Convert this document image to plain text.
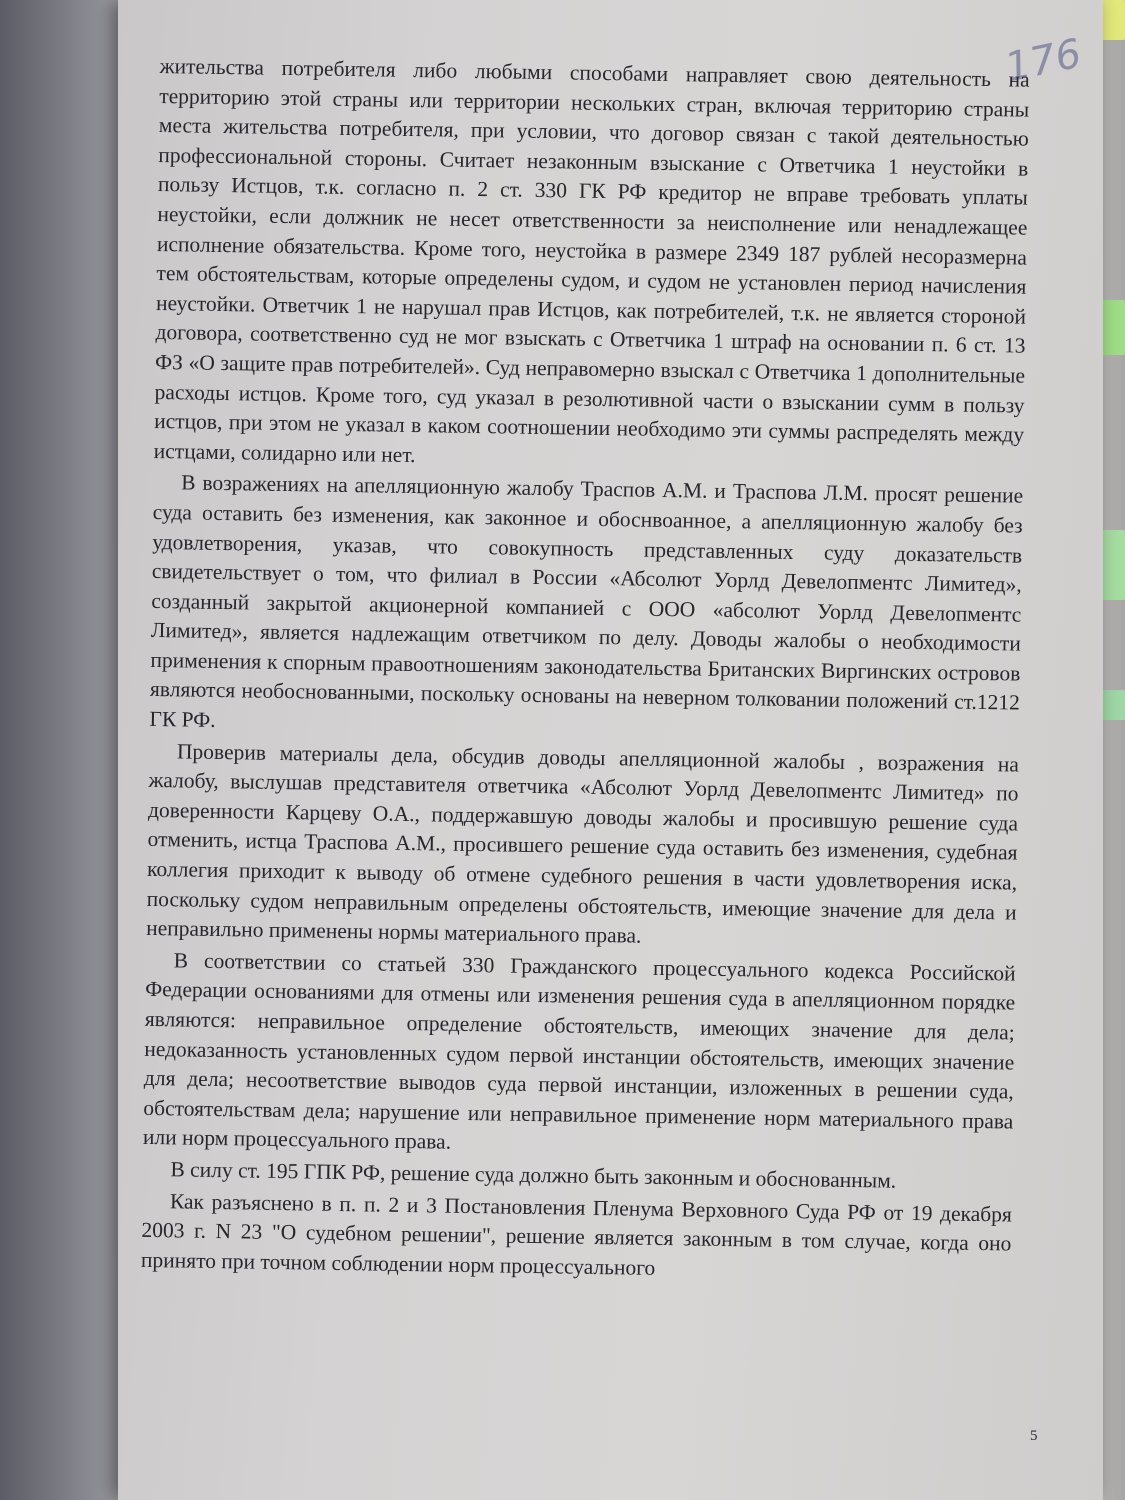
176

жительства потребителя либо любыми способами направляет свою деятельность на территорию этой страны или территории нескольких стран, включая территорию страны места жительства потребителя, при условии, что договор связан с такой деятельностью профессиональной стороны. Считает незаконным взыскание с Ответчика 1 неустойки в пользу Истцов, т.к. согласно п. 2 ст. 330 ГК РФ кредитор не вправе требовать уплаты неустойки, если должник не несет ответственности за неисполнение или ненадлежащее исполнение обязательства. Кроме того, неустойка в размере 2349 187 рублей несоразмерна тем обстоятельствам, которые определены судом, и судом не установлен период начисления неустойки. Ответчик 1 не нарушал прав Истцов, как потребителей, т.к. не является стороной договора, соответственно суд не мог взыскать с Ответчика 1 штраф на основании п. 6 ст. 13 ФЗ «О защите прав потребителей». Суд неправомерно взыскал с Ответчика 1 дополнительные расходы истцов. Кроме того, суд указал в резолютивной части о взыскании сумм в пользу истцов, при этом не указал в каком соотношении необходимо эти суммы распределять между истцами, солидарно или нет.

В возражениях на апелляционную жалобу Траспов А.М. и Траспова Л.М. просят решение суда оставить без изменения, как законное и обоснвоанное, а апелляционную жалобу без удовлетворения, указав, что совокупность представленных суду доказательств свидетельствует о том, что филиал в России «Абсолют Уорлд Девелопментс Лимитед», созданный закрытой акционерной компанией с ООО «абсолют Уорлд Девелопментс Лимитед», является надлежащим ответчиком по делу. Доводы жалобы о необходимости применения к спорным правоотношениям законодательства Британских Виргинских островов являются необоснованными, поскольку основаны на неверном толковании положений ст.1212 ГК РФ.

Проверив материалы дела, обсудив доводы апелляционной жалобы , возражения на жалобу, выслушав представителя ответчика «Абсолют Уорлд Девелопментс Лимитед» по доверенности Карцеву О.А., поддержавшую доводы жалобы и просившую решение суда отменить, истца Траспова А.М., просившего решение суда оставить без изменения, судебная коллегия приходит к выводу об отмене судебного решения в части удовлетворения иска, поскольку судом неправильным определены обстоятельств, имеющие значение для дела и неправильно применены нормы материального права.

В соответствии со статьей 330 Гражданского процессуального кодекса Российской Федерации основаниями для отмены или изменения решения суда в апелляционном порядке являются: неправильное определение обстоятельств, имеющих значение для дела; недоказанность установленных судом первой инстанции обстоятельств, имеющих значение для дела; несоответствие выводов суда первой инстанции, изложенных в решении суда, обстоятельствам дела; нарушение или неправильное применение норм материального права или норм процессуального права.

В силу ст. 195 ГПК РФ, решение суда должно быть законным и обоснованным.

Как разъяснено в п. п. 2 и 3 Постановления Пленума Верховного Суда РФ от 19 декабря 2003 г. N 23 "О судебном решении", решение является законным в том случае, когда оно принято при точном соблюдении норм процессуального

5
